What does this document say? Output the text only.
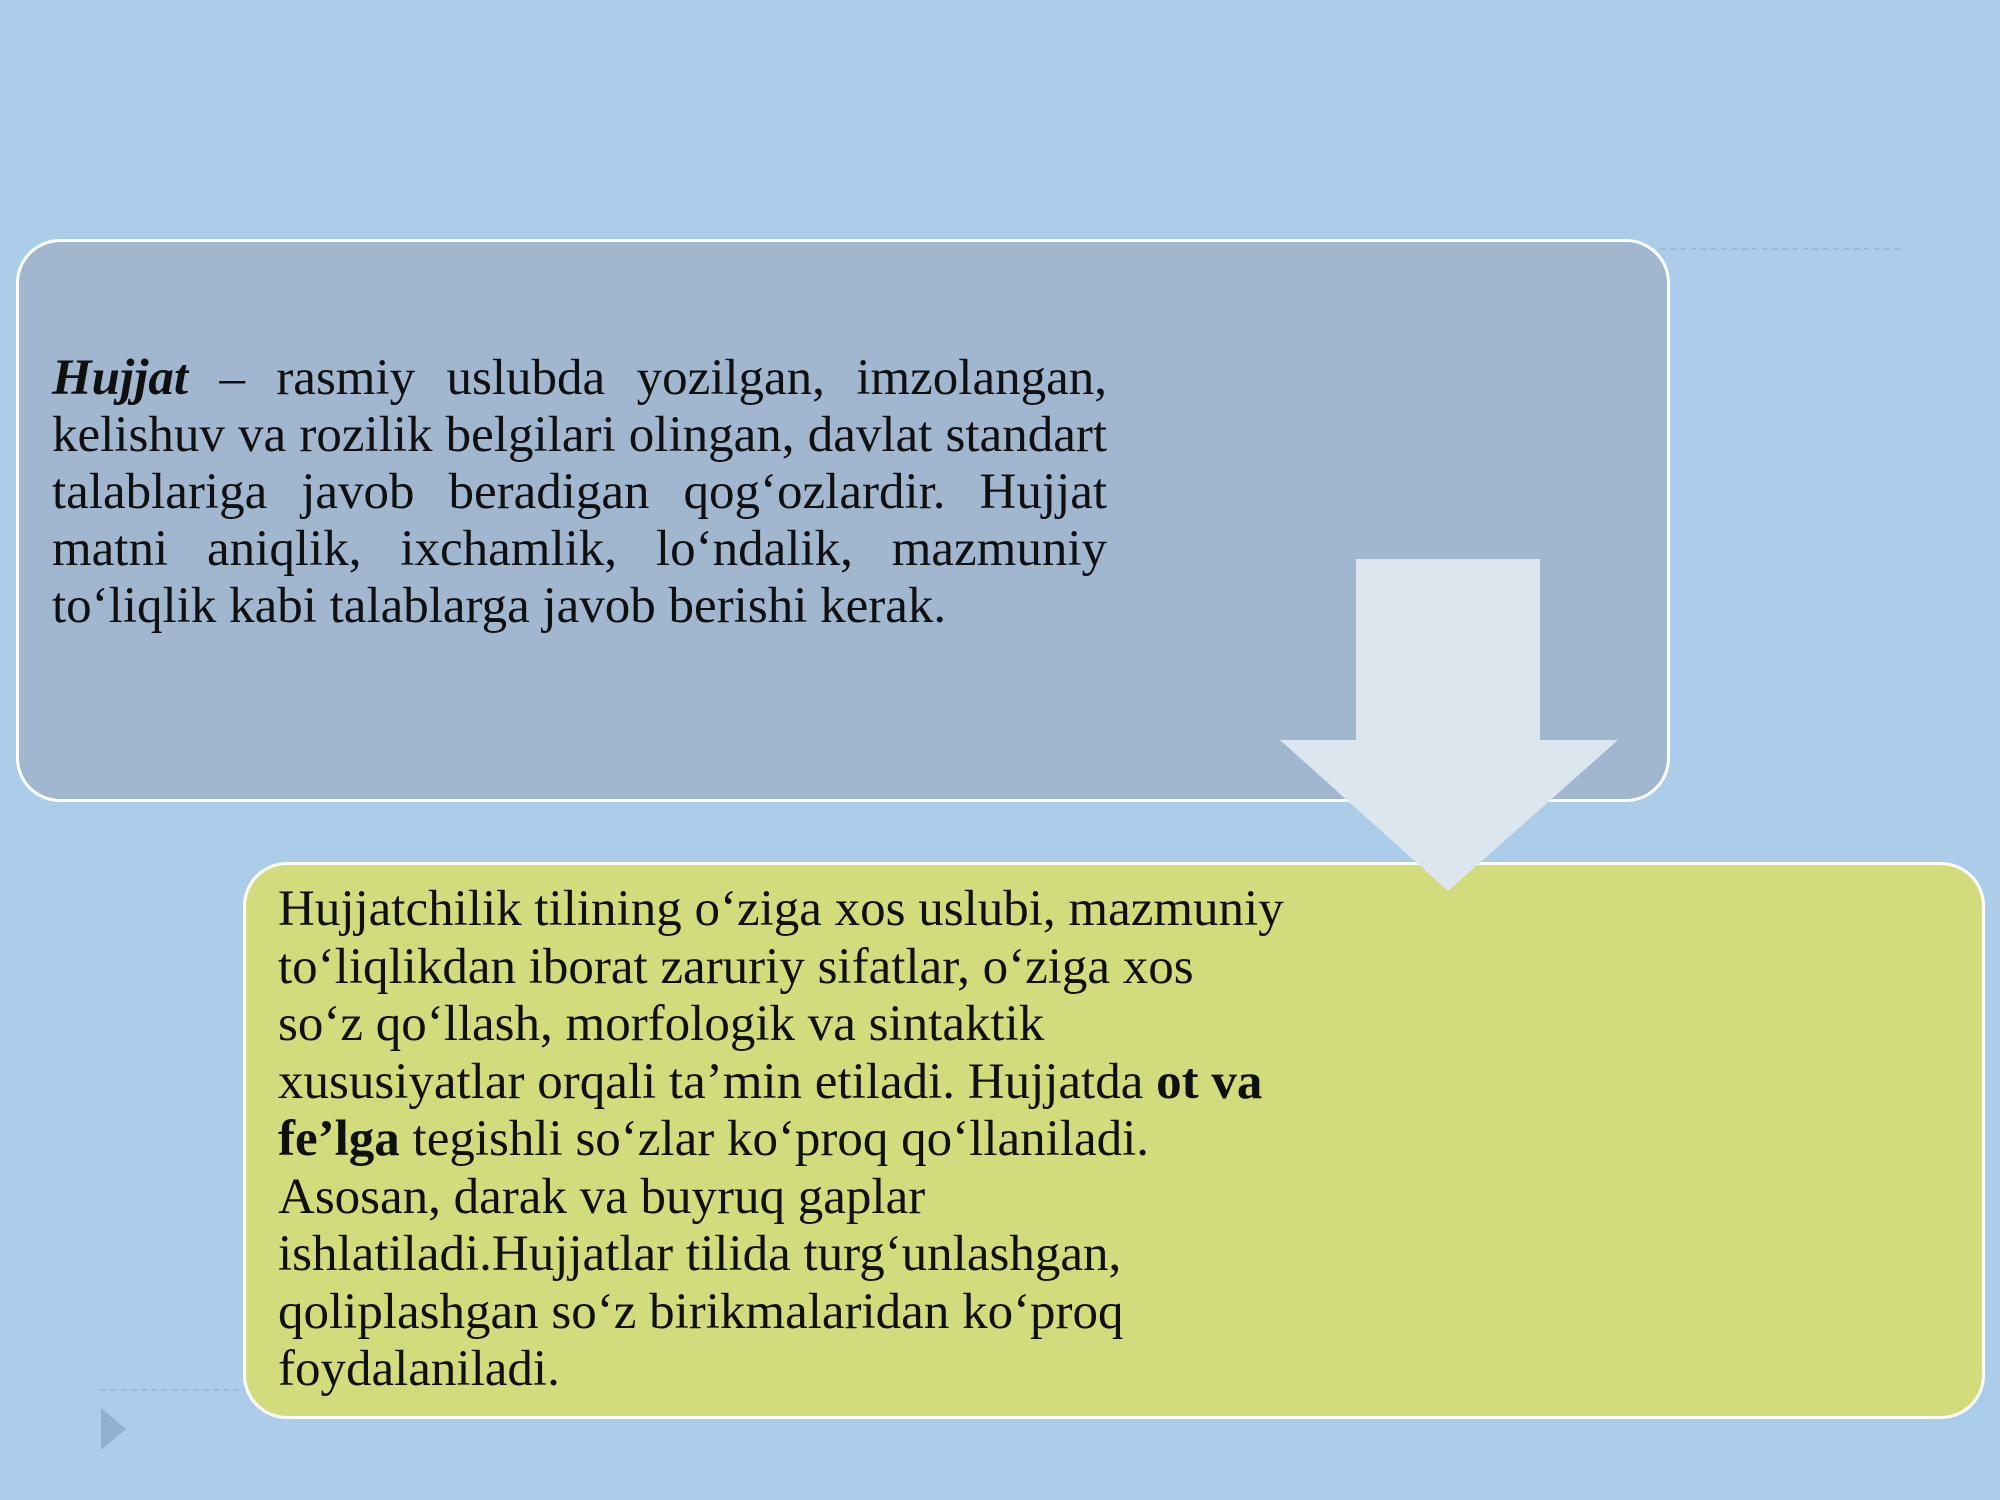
Hujjat – rasmiy uslubda yozilgan, imzolangan, kelishuv va rozilik belgilari olingan, davlat standart talablariga javob beradigan qog‘ozlardir. Hujjat matni aniqlik, ixchamlik, lo‘ndalik, mazmuniy to‘liqlik kabi talablarga javob berishi kerak.

Hujjatchilik tilining o‘ziga xos uslubi, mazmuniy to‘liqlikdan iborat zaruriy sifatlar, o‘ziga xos so‘z qo‘llash, morfologik va sintaktik xususiyatlar orqali ta’min etiladi. Hujjatda ot va fe’lga tegishli so‘zlar ko‘proq qo‘llaniladi. Asosan, darak va buyruq gaplar ishlatiladi.Hujjatlar tilida turg‘unlashgan, qoliplashgan so‘z birikmalaridan ko‘proq foydalaniladi.
